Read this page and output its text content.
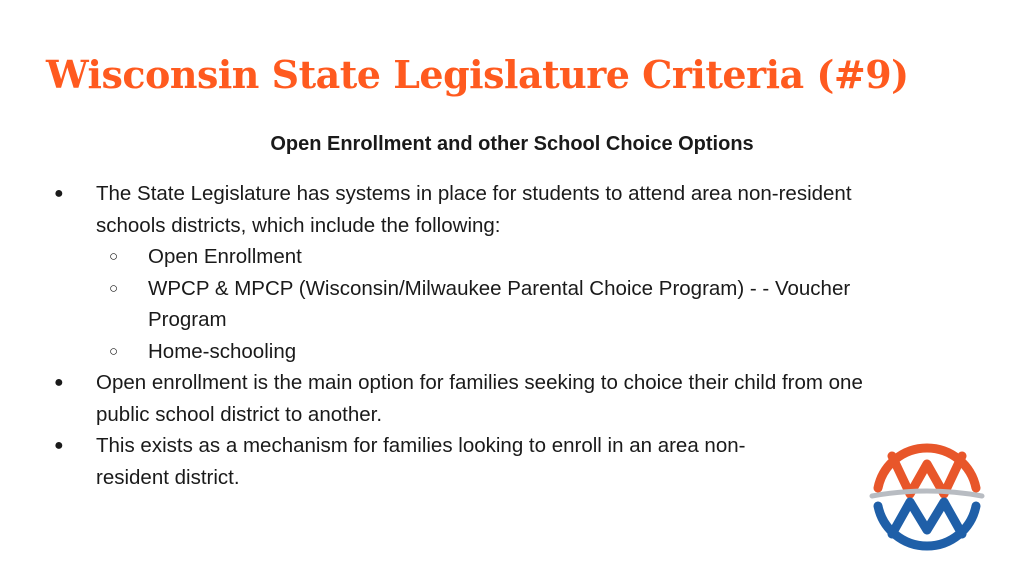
Wisconsin State Legislature Criteria (#9)

Open Enrollment and other School Choice Options

● The State Legislature has systems in place for students to attend area non-resident
schools districts, which include the following:
○ Open Enrollment
○ WPCP & MPCP (Wisconsin/Milwaukee Parental Choice Program) - - Voucher
Program
○ Home-schooling
● Open enrollment is the main option for families seeking to choice their child from one
public school district to another.
● This exists as a mechanism for families looking to enroll in an area non-
resident district.
